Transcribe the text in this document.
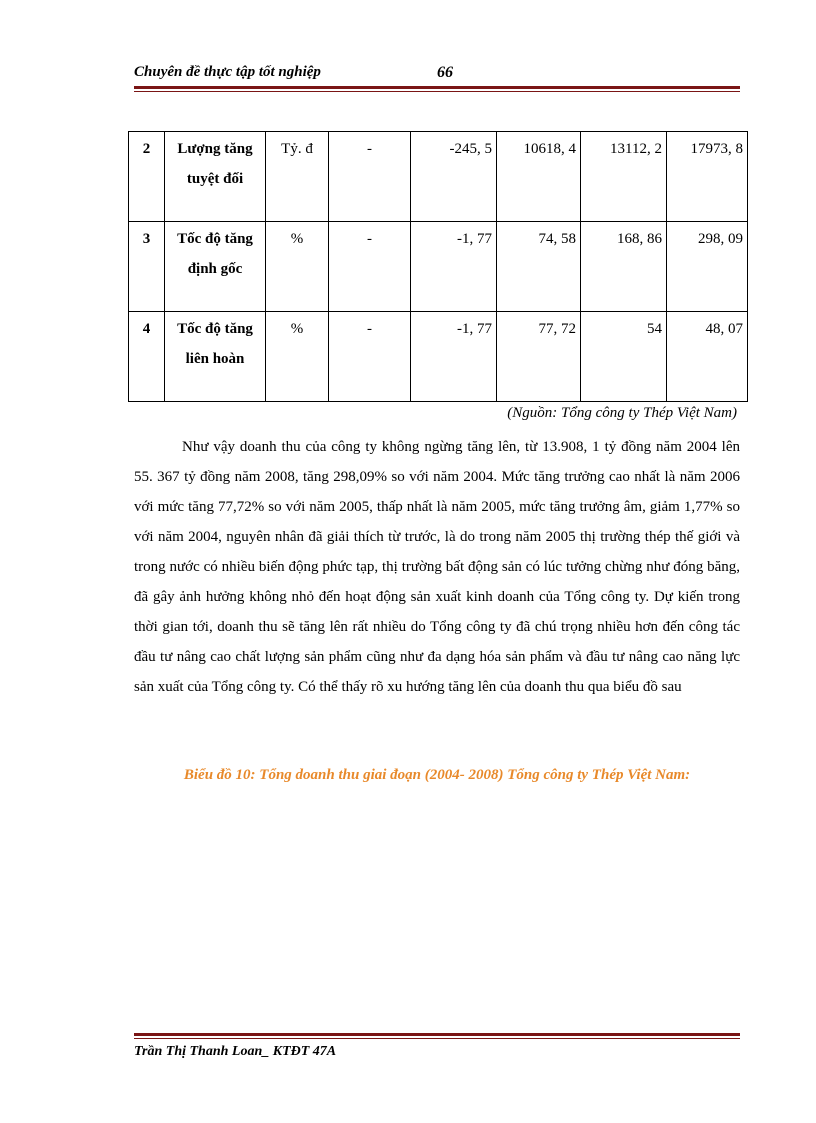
Chuyên đề thực tập tốt nghiệp	66
2	Lượng tăng tuyệt đối	Tỷ. đ	-	-245, 5	10618, 4	13112, 2	17973, 8
3	Tốc độ tăng định gốc	%	-	-1, 77	74, 58	168, 86	298, 09
4	Tốc độ tăng liên hoàn	%	-	-1, 77	77, 72	54	48, 07
(Nguồn: Tổng công ty Thép Việt Nam)
Như vậy doanh thu của công ty không ngừng tăng lên, từ 13.908, 1 tỷ đồng năm 2004 lên 55. 367 tỷ đồng năm 2008, tăng 298,09% so với năm 2004. Mức tăng trưởng cao nhất là năm 2006 với mức tăng 77,72% so với năm 2005, thấp nhất là năm 2005, mức tăng trưởng âm, giảm 1,77% so với năm 2004, nguyên nhân đã giải thích từ trước, là do trong năm 2005 thị trường thép thế giới và trong nước có nhiều biến động phức tạp, thị trường bất động sản có lúc tưởng chừng như đóng băng, đã gây ảnh hưởng không nhỏ đến hoạt động sản xuất kinh doanh của Tổng công ty. Dự kiến trong thời gian tới, doanh thu sẽ tăng lên rất nhiều do Tổng công ty đã chú trọng nhiều hơn đến công tác đầu tư nâng cao chất lượng sản phẩm cũng như đa dạng hóa sản phẩm và đầu tư nâng cao năng lực sản xuất của Tổng công ty. Có thể thấy rõ xu hướng tăng lên của doanh thu qua biểu đồ sau
Biểu đồ 10: Tổng doanh thu giai đoạn (2004- 2008) Tổng công ty Thép Việt Nam:
Trần Thị Thanh Loan_ KTĐT 47A
